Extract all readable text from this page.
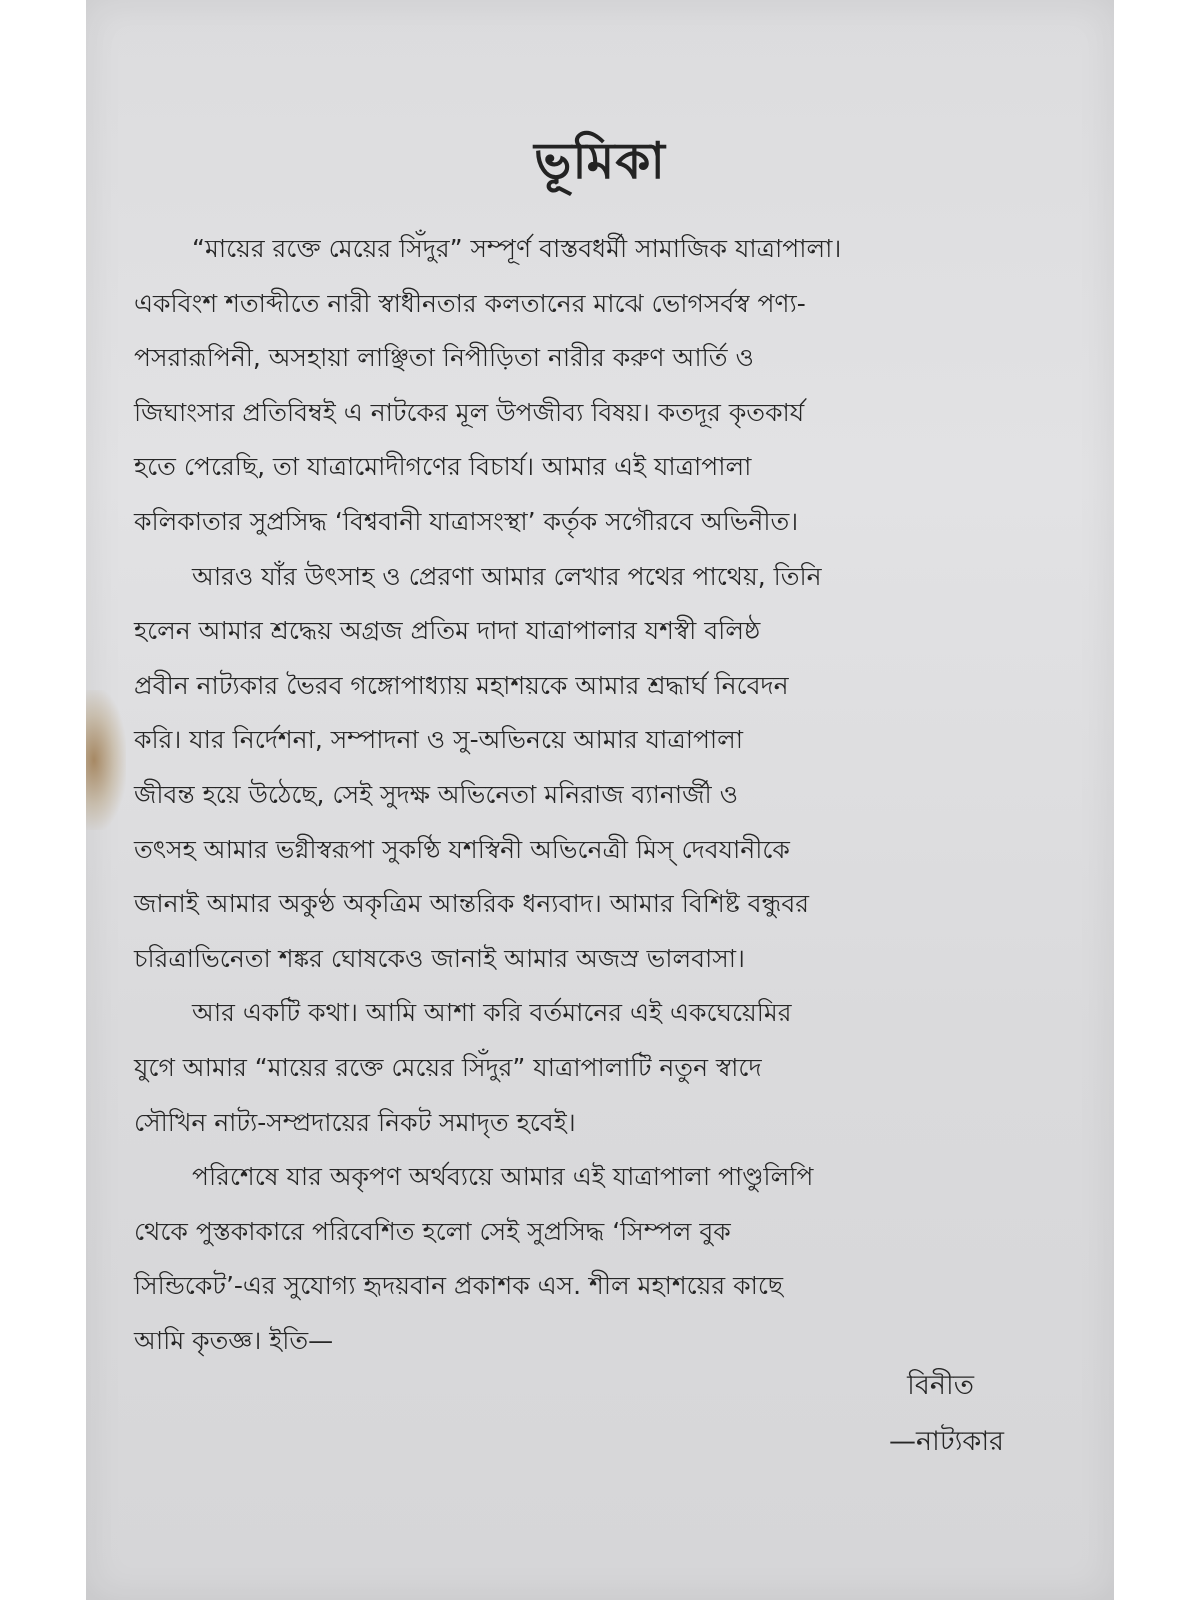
ভূমিকা
“মায়ের রক্তে মেয়ের সিঁদুর” সম্পূর্ণ বাস্তবধর্মী সামাজিক যাত্রাপালা।
একবিংশ শতাব্দীতে নারী স্বাধীনতার কলতানের মাঝে ভোগসর্বস্ব পণ্য-
পসরারূপিনী, অসহায়া লাঞ্ছিতা নিপীড়িতা নারীর করুণ আর্তি ও
জিঘাংসার প্রতিবিম্বই এ নাটকের মূল উপজীব্য বিষয়। কতদূর কৃতকার্য
হতে পেরেছি, তা যাত্রামোদীগণের বিচার্য। আমার এই যাত্রাপালা
কলিকাতার সুপ্রসিদ্ধ ‘বিশ্ববানী যাত্রাসংস্থা’ কর্তৃক সগৌরবে অভিনীত।
আরও যাঁর উৎসাহ ও প্রেরণা আমার লেখার পথের পাথেয়, তিনি
হলেন আমার শ্রদ্ধেয় অগ্রজ প্রতিম দাদা যাত্রাপালার যশস্বী বলিষ্ঠ
প্রবীন নাট্যকার ভৈরব গঙ্গোপাধ্যায় মহাশয়কে আমার শ্রদ্ধার্ঘ নিবেদন
করি। যার নির্দেশনা, সম্পাদনা ও সু-অভিনয়ে আমার যাত্রাপালা
জীবন্ত হয়ে উঠেছে, সেই সুদক্ষ অভিনেতা মনিরাজ ব্যানার্জী ও
তৎসহ আমার ভগ্নীস্বরূপা সুকণ্ঠি যশস্বিনী অভিনেত্রী মিস্ দেবযানীকে
জানাই আমার অকুণ্ঠ অকৃত্রিম আন্তরিক ধন্যবাদ। আমার বিশিষ্ট বন্ধুবর
চরিত্রাভিনেতা শঙ্কর ঘোষকেও জানাই আমার অজস্র ভালবাসা।
আর একটি কথা। আমি আশা করি বর্তমানের এই একঘেয়েমির
যুগে আমার “মায়ের রক্তে মেয়ের সিঁদুর” যাত্রাপালাটি নতুন স্বাদে
সৌখিন নাট্য-সম্প্রদায়ের নিকট সমাদৃত হবেই।
পরিশেষে যার অকৃপণ অর্থব্যয়ে আমার এই যাত্রাপালা পাণ্ডুলিপি
থেকে পুস্তকাকারে পরিবেশিত হলো সেই সুপ্রসিদ্ধ ‘সিম্পল বুক
সিন্ডিকেট’-এর সুযোগ্য হৃদয়বান প্রকাশক এস. শীল মহাশয়ের কাছে
আমি কৃতজ্ঞ। ইতি—
বিনীত
—নাট্যকার
